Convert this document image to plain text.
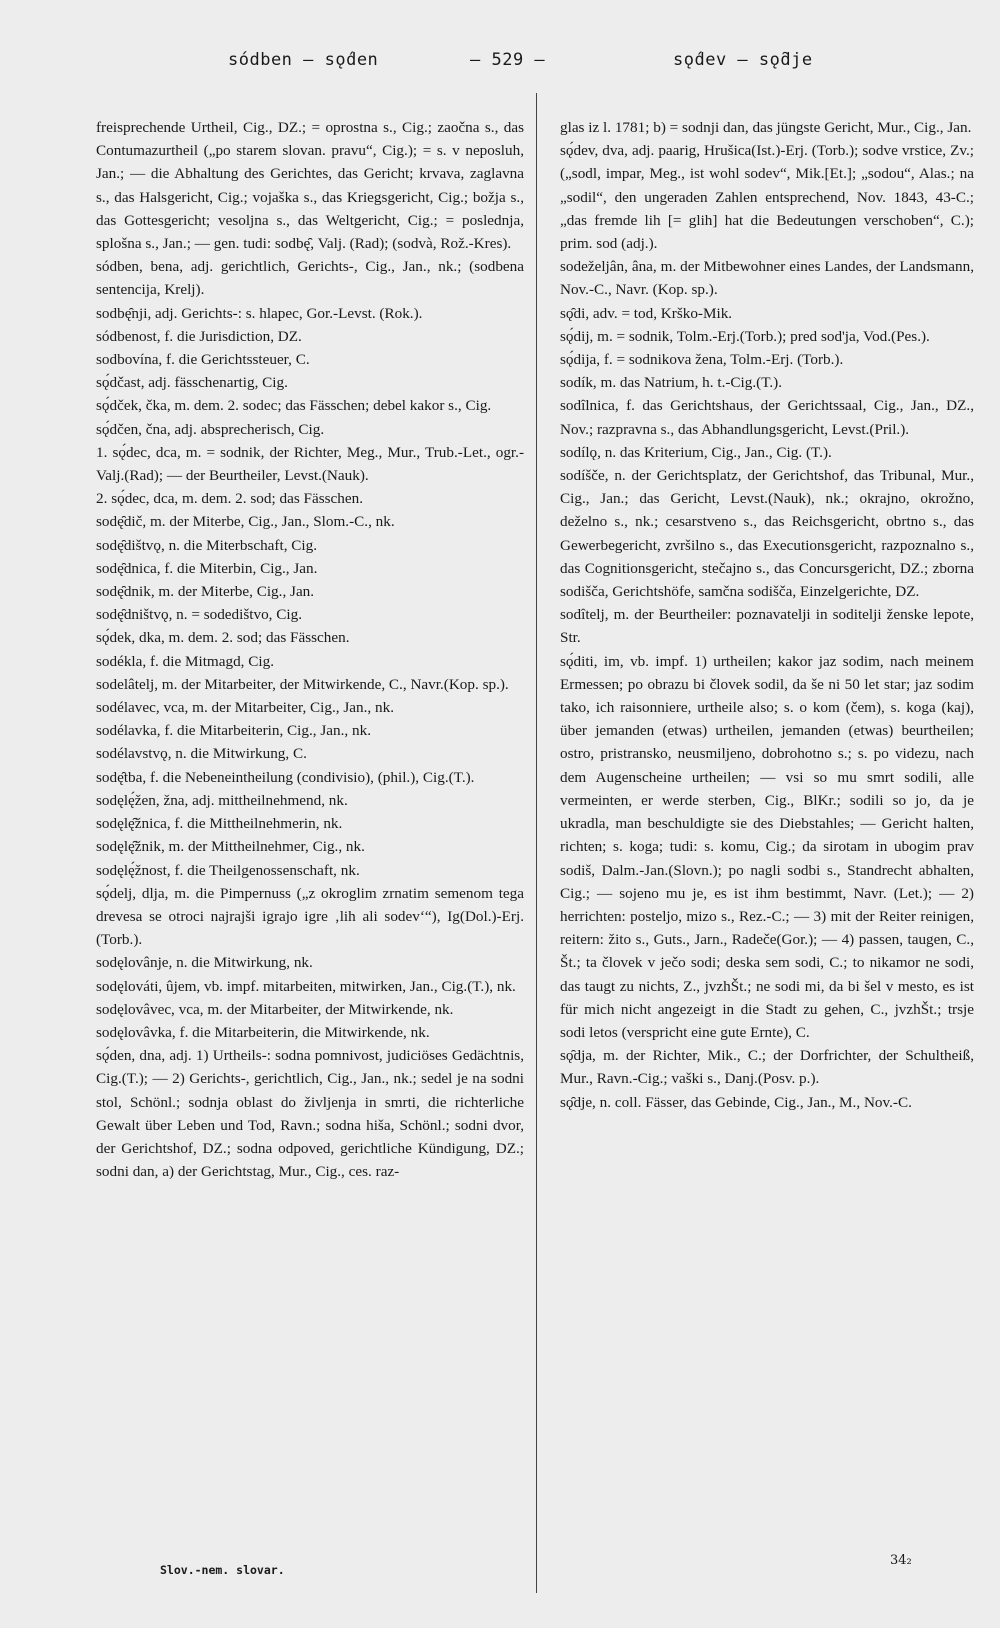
sódben — sǫ́den	— 529 —	sǫ́dev — sǫ̑dje

freisprechende Urtheil, Cig., DZ.; = oprostna s., Cig.; zaočna s., das Contumazurtheil („po starem slovan. pravu“, Cig.); = s. v neposluh, Jan.; — die Abhaltung des Gerichtes, das Gericht; krvava, zaglavna s., das Halsgericht, Cig.; vojaška s., das Kriegsgericht, Cig.; božja s., das Gottesgericht; vesoljna s., das Weltgericht, Cig.; = poslednja, splošna s., Jan.; — gen. tudi: sodbę̑, Valj. (Rad); (sodvà, Rož.-Kres).

sódben, bena, adj. gerichtlich, Gerichts-, Cig., Jan., nk.; (sodbena sentencija, Krelj).

sodbę̑nji, adj. Gerichts-: s. hlapec, Gor.-Levst. (Rok.).

sódbenost, f. die Jurisdiction, DZ.

sodbovína, f. die Gerichtssteuer, C.

sǫ́dčast, adj. fässchenartig, Cig.

sǫ́dček, čka, m. dem. 2. sodec; das Fässchen; debel kakor s., Cig.

sǫ́dčen, čna, adj. absprecherisch, Cig.

1. sǫ́dec, dca, m. = sodnik, der Richter, Meg., Mur., Trub.-Let., ogr.-Valj.(Rad); — der Beurtheiler, Levst.(Nauk).

2. sǫ́dec, dca, m. dem. 2. sod; das Fässchen.

sodę̑dič, m. der Miterbe, Cig., Jan., Slom.-C., nk.

sodę̑dištvǫ, n. die Miterbschaft, Cig.

sodę̑dnica, f. die Miterbin, Cig., Jan.

sodę̑dnik, m. der Miterbe, Cig., Jan.

sodę̑dništvǫ, n. = sodedištvo, Cig.

sǫ́dek, dka, m. dem. 2. sod; das Fässchen.

sodékla, f. die Mitmagd, Cig.

sodelâtelj, m. der Mitarbeiter, der Mitwirkende, C., Navr.(Kop. sp.).

sodélavec, vca, m. der Mitarbeiter, Cig., Jan., nk.

sodélavka, f. die Mitarbeiterin, Cig., Jan., nk.

sodélavstvǫ, n. die Mitwirkung, C.

sodę̑tba, f. die Nebeneintheilung (condivisio), (phil.), Cig.(T.).

sodęlę́žen, žna, adj. mittheilnehmend, nk.

sodęlę̑žnica, f. die Mittheilnehmerin, nk.

sodęlę̑žnik, m. der Mittheilnehmer, Cig., nk.

sodęlę́žnost, f. die Theilgenossenschaft, nk.

sǫ́delj, dlja, m. die Pimpernuss („z okroglim zrnatim semenom tega drevesa se otroci najrajši igrajo igre ‚lih ali sodev‘“), Ig(Dol.)-Erj.(Torb.).

sodęlovânje, n. die Mitwirkung, nk.

sodęlováti, ûjem, vb. impf. mitarbeiten, mitwirken, Jan., Cig.(T.), nk.

sodęlovâvec, vca, m. der Mitarbeiter, der Mitwirkende, nk.

sodęlovâvka, f. die Mitarbeiterin, die Mitwirkende, nk.

sǫ́den, dna, adj. 1) Urtheils-: sodna pomnivost, judiciöses Gedächtnis, Cig.(T.); — 2) Gerichts-, gerichtlich, Cig., Jan., nk.; sedel je na sodni stol, Schönl.; sodnja oblast do življenja in smrti, die richterliche Gewalt über Leben und Tod, Ravn.; sodna hiša, Schönl.; sodni dvor, der Gerichtshof, DZ.; sodna odpoved, gerichtliche Kündigung, DZ.; sodni dan, a) der Gerichtstag, Mur., Cig., ces. raz-

glas iz l. 1781; b) = sodnji dan, das jüngste Gericht, Mur., Cig., Jan.

sǫ́dev, dva, adj. paarig, Hrušica(Ist.)-Erj. (Torb.); sodve vrstice, Zv.; („sodl, impar, Meg., ist wohl sodev“, Mik.[Et.]; „sodou“, Alas.; na „sodil“, den ungeraden Zahlen entsprechend, Nov. 1843, 43-C.; „das fremde lih [= glih] hat die Bedeutungen verschoben“, C.); prim. sod (adj.).

sodeželjân, âna, m. der Mitbewohner eines Landes, der Landsmann, Nov.-C., Navr. (Kop. sp.).

sǫ̑di, adv. = tod, Krško-Mik.

sǫ́dij, m. = sodnik, Tolm.-Erj.(Torb.); pred sod'ja, Vod.(Pes.).

sǫ́dija, f. = sodnikova žena, Tolm.-Erj. (Torb.).

sodík, m. das Natrium, h. t.-Cig.(T.).

sodîlnica, f. das Gerichtshaus, der Gerichtssaal, Cig., Jan., DZ., Nov.; razpravna s., das Abhandlungsgericht, Levst.(Pril.).

sodílǫ, n. das Kriterium, Cig., Jan., Cig. (T.).

sodíšče, n. der Gerichtsplatz, der Gerichtshof, das Tribunal, Mur., Cig., Jan.; das Gericht, Levst.(Nauk), nk.; okrajno, okrožno, deželno s., nk.; cesarstveno s., das Reichsgericht, obrtno s., das Gewerbegericht, zvršilno s., das Executionsgericht, razpoznalno s., das Cognitionsgericht, stečajno s., das Concursgericht, DZ.; zborna sodišča, Gerichtshöfe, samčna sodišča, Einzelgerichte, DZ.

sodîtelj, m. der Beurtheiler: poznavatelji in soditelji ženske lepote, Str.

sǫ́diti, im, vb. impf. 1) urtheilen; kakor jaz sodim, nach meinem Ermessen; po obrazu bi človek sodil, da še ni 50 let star; jaz sodim tako, ich raisonniere, urtheile also; s. o kom (čem), s. koga (kaj), über jemanden (etwas) urtheilen, jemanden (etwas) beurtheilen; ostro, pristransko, neusmiljeno, dobrohotno s.; s. po videzu, nach dem Augenscheine urtheilen; — vsi so mu smrt sodili, alle vermeinten, er werde sterben, Cig., BlKr.; sodili so jo, da je ukradla, man beschuldigte sie des Diebstahles; — Gericht halten, richten; s. koga; tudi: s. komu, Cig.; da sirotam in ubogim prav sodiš, Dalm.-Jan.(Slovn.); po nagli sodbi s., Standrecht abhalten, Cig.; — sojeno mu je, es ist ihm bestimmt, Navr. (Let.); — 2) herrichten: posteljo, mizo s., Rez.-C.; — 3) mit der Reiter reinigen, reitern: žito s., Guts., Jarn., Radeče(Gor.); — 4) passen, taugen, C., Št.; ta človek v ječo sodi; deska sem sodi, C.; to nikamor ne sodi, das taugt zu nichts, Z., jvzhŠt.; ne sodi mi, da bi šel v mesto, es ist für mich nicht angezeigt in die Stadt zu gehen, C., jvzhŠt.; trsje sodi letos (verspricht eine gute Ernte), C.

sǫ̑dja, m. der Richter, Mik., C.; der Dorfrichter, der Schultheiß, Mur., Ravn.-Cig.; vaški s., Danj.(Posv. p.).

sǫ̑dje, n. coll. Fässer, das Gebinde, Cig., Jan., M., Nov.-C.

Slov.-nem. slovar.
34₂
